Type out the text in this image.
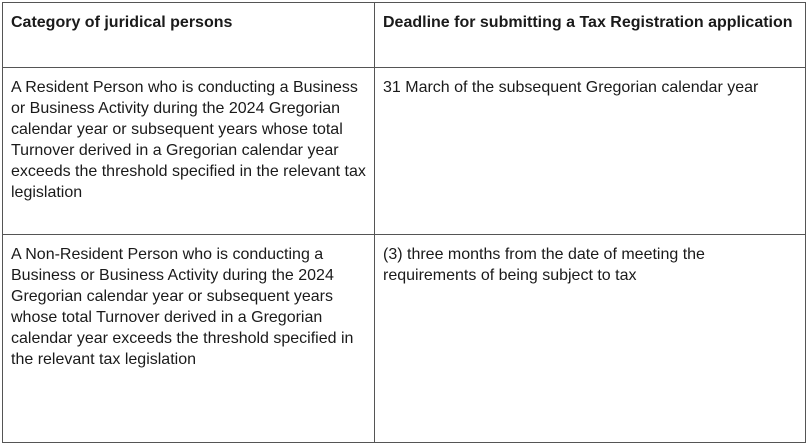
Category of juridical persons	Deadline for submitting a Tax Registration application
A Resident Person who is conducting a Business or Business Activity during the 2024 Gregorian calendar year or subsequent years whose total Turnover derived in a Gregorian calendar year exceeds the threshold specified in the relevant tax legislation	31 March of the subsequent Gregorian calendar year
A Non-Resident Person who is conducting a Business or Business Activity during the 2024 Gregorian calendar year or subsequent years whose total Turnover derived in a Gregorian calendar year exceeds the threshold specified in the relevant tax legislation	(3) three months from the date of meeting the requirements of being subject to tax
